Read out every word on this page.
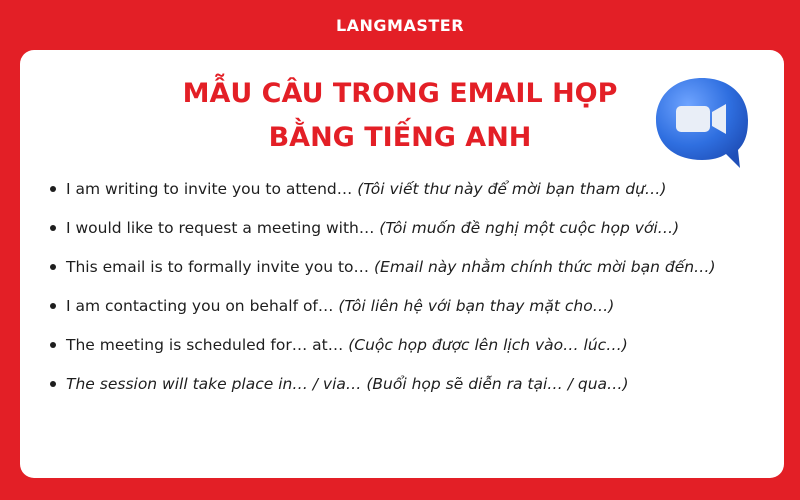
LANGMASTER
MẪU CÂU TRONG EMAIL HỌP
BẰNG TIẾNG ANH
I am writing to invite you to attend… (Tôi viết thư này để mời bạn tham dự…)
I would like to request a meeting with… (Tôi muốn đề nghị một cuộc họp với…)
This email is to formally invite you to… (Email này nhằm chính thức mời bạn đến…)
I am contacting you on behalf of… (Tôi liên hệ với bạn thay mặt cho…)
The meeting is scheduled for… at… (Cuộc họp được lên lịch vào… lúc…)
The session will take place in… / via… (Buổi họp sẽ diễn ra tại… / qua…)
